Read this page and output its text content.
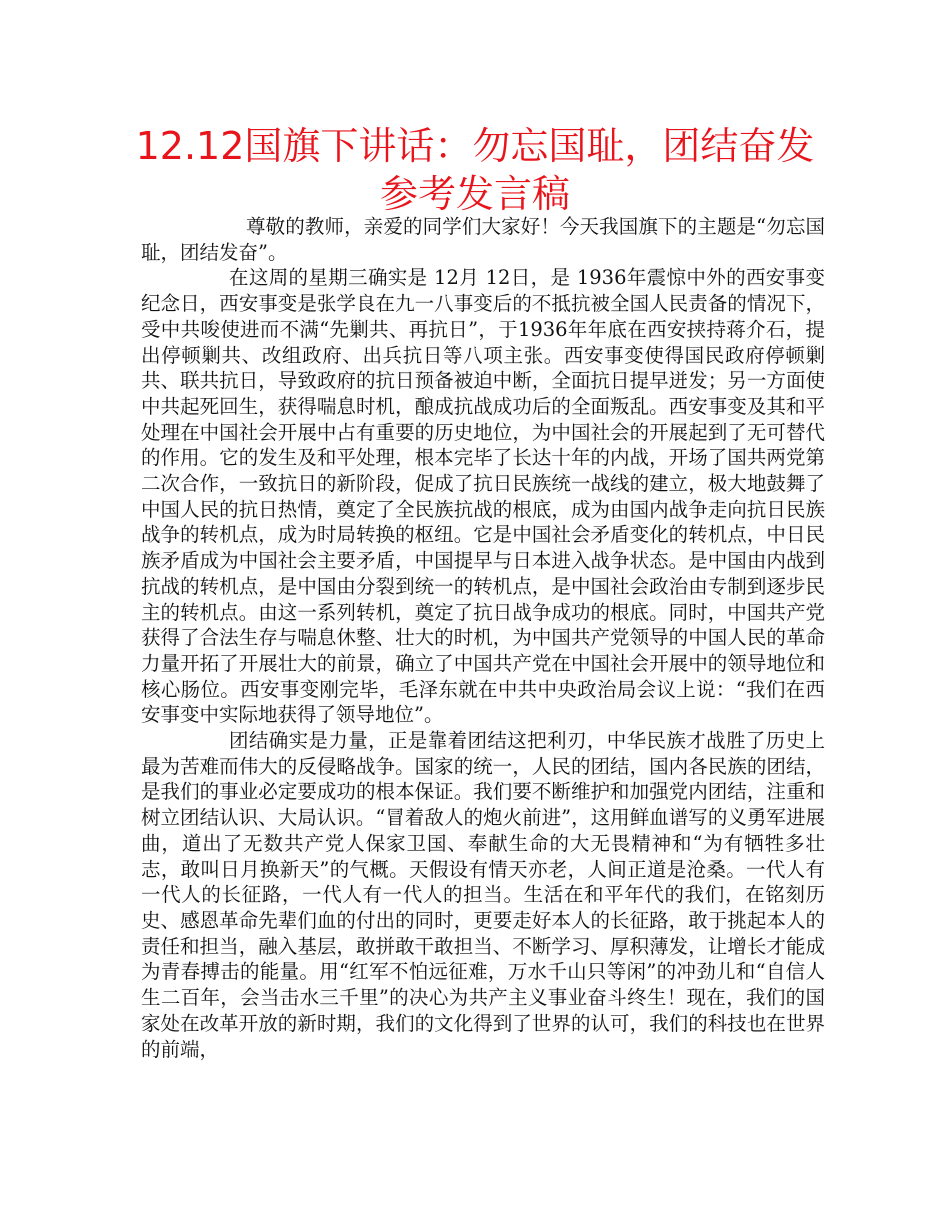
12.12国旗下讲话：勿忘国耻，团结奋发参考发言稿

尊敬的教师，亲爱的同学们大家好！今天我国旗下的主题是“勿忘国耻，团结发奋”。

在这周的星期三确实是 12月 12日，是 1936年震惊中外的西安事变纪念日，西安事变是张学良在九一八事变后的不抵抗被全国人民责备的情况下，受中共唆使进而不满“先剿共、再抗日”，于1936年年底在西安挟持蒋介石，提出停顿剿共、改组政府、出兵抗日等八项主张。西安事变使得国民政府停顿剿共、联共抗日，导致政府的抗日预备被迫中断，全面抗日提早迸发；另一方面使中共起死回生，获得喘息时机，酿成抗战成功后的全面叛乱。西安事变及其和平处理在中国社会开展中占有重要的历史地位，为中国社会的开展起到了无可替代的作用。它的发生及和平处理，根本完毕了长达十年的内战，开场了国共两党第二次合作，一致抗日的新阶段，促成了抗日民族统一战线的建立，极大地鼓舞了中国人民的抗日热情，奠定了全民族抗战的根底，成为由国内战争走向抗日民族战争的转机点，成为时局转换的枢纽。它是中国社会矛盾变化的转机点，中日民族矛盾成为中国社会主要矛盾，中国提早与日本进入战争状态。是中国由内战到抗战的转机点，是中国由分裂到统一的转机点，是中国社会政治由专制到逐步民主的转机点。由这一系列转机，奠定了抗日战争成功的根底。同时，中国共产党获得了合法生存与喘息休整、壮大的时机，为中国共产党领导的中国人民的革命力量开拓了开展壮大的前景，确立了中国共产党在中国社会开展中的领导地位和核心肠位。西安事变刚完毕，毛泽东就在中共中央政治局会议上说：“我们在西安事变中实际地获得了领导地位”。

团结确实是力量，正是靠着团结这把利刃，中华民族才战胜了历史上最为苦难而伟大的反侵略战争。国家的统一，人民的团结，国内各民族的团结，是我们的事业必定要成功的根本保证。我们要不断维护和加强党内团结，注重和树立团结认识、大局认识。“冒着敌人的炮火前进”，这用鲜血谱写的义勇军进展曲，道出了无数共产党人保家卫国、奉献生命的大无畏精神和“为有牺牲多壮志，敢叫日月换新天”的气概。天假设有情天亦老，人间正道是沧桑。一代人有一代人的长征路，一代人有一代人的担当。生活在和平年代的我们，在铭刻历史、感恩革命先辈们血的付出的同时，更要走好本人的长征路，敢于挑起本人的责任和担当，融入基层，敢拼敢干敢担当、不断学习、厚积薄发，让增长才能成为青春搏击的能量。用“红军不怕远征难，万水千山只等闲”的冲劲儿和“自信人生二百年，会当击水三千里”的决心为共产主义事业奋斗终生！现在，我们的国家处在改革开放的新时期，我们的文化得到了世界的认可，我们的科技也在世界的前端，
